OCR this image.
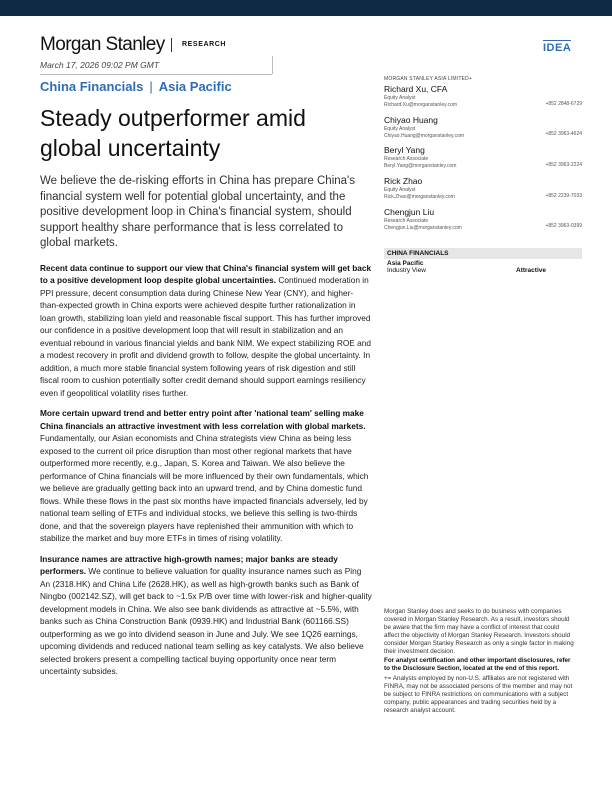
Morgan Stanley RESEARCH	IDEA
March 17, 2026 09:02 PM GMT
China Financials | Asia Pacific
Steady outperformer amid global uncertainty
We believe the de-risking efforts in China has prepare China's financial system well for potential global uncertainty, and the positive development loop in China's financial system, should support healthy share performance that is less correlated to global markets.

Recent data continue to support our view that China's financial system will get back to a positive development loop despite global uncertainties. Continued moderation in PPI pressure, decent consumption data during Chinese New Year (CNY), and higher-than-expected growth in China exports were achieved despite further rationalization in loan growth, stabilizing loan yield and reasonable fiscal support. This has further improved our confidence in a positive development loop that will result in stabilization and an eventual rebound in various financial yields and bank NIM. We expect stabilizing ROE and a modest recovery in profit and dividend growth to follow, despite the global uncertainty. In addition, a much more stable financial system following years of risk digestion and still fiscal room to cushion potentially softer credit demand should support earnings resiliency even if geopolitical volatility rises further.

More certain upward trend and better entry point after 'national team' selling make China financials an attractive investment with less correlation with global markets. Fundamentally, our Asian economists and China strategists view China as being less exposed to the current oil price disruption than most other regional markets that have outperformed more recently, e.g., Japan, S. Korea and Taiwan. We also believe the performance of China financials will be more influenced by their own fundamentals, which we believe are gradually getting back into an upward trend, and by China domestic fund flows. While these flows in the past six months have impacted financials adversely, led by national team selling of ETFs and individual stocks, we believe this selling is two-thirds done, and that the sovereign players have replenished their ammunition with which to stabilize the market and buy more ETFs in times of rising volatility.

Insurance names are attractive high-growth names; major banks are steady performers. We continue to believe valuation for quality insurance names such as Ping An (2318.HK) and China Life (2628.HK), as well as high-growth banks such as Bank of Ningbo (002142.SZ), will get back to ~1.5x P/B over time with lower-risk and higher-quality development models in China. We also see bank dividends as attractive at ~5.5%, with banks such as China Construction Bank (0939.HK) and Industrial Bank (601166.SS) outperforming as we go into dividend season in June and July. We see 1Q26 earnings, upcoming dividends and reduced national team selling as key catalysts. We also believe selected brokers present a compelling tactical buying opportunity once near term uncertainty subsides.

MORGAN STANLEY ASIA LIMITED+
Richard Xu, CFA
Equity Analyst
Richard.Xu@morganstanley.com	+852 2848-6729
Chiyao Huang
Equity Analyst
Chiyao.Huang@morganstanley.com	+852 3963-4624
Beryl Yang
Research Associate
Beryl.Yang@morganstanley.com	+852 3963-2224
Rick Zhao
Equity Analyst
Rick.Zhao@morganstanley.com	+852 2239-7033
Chengjun Liu
Research Associate
Chengjun.Liu@morganstanley.com	+852 3963-0399
CHINA FINANCIALS
Asia Pacific
Industry View	Attractive

Morgan Stanley does and seeks to do business with companies covered in Morgan Stanley Research. As a result, investors should be aware that the firm may have a conflict of interest that could affect the objectivity of Morgan Stanley Research. Investors should consider Morgan Stanley Research as only a single factor in making their investment decision.

For analyst certification and other important disclosures, refer to the Disclosure Section, located at the end of this report.

+= Analysts employed by non-U.S. affiliates are not registered with FINRA, may not be associated persons of the member and may not be subject to FINRA restrictions on communications with a subject company, public appearances and trading securities held by a research analyst account.
